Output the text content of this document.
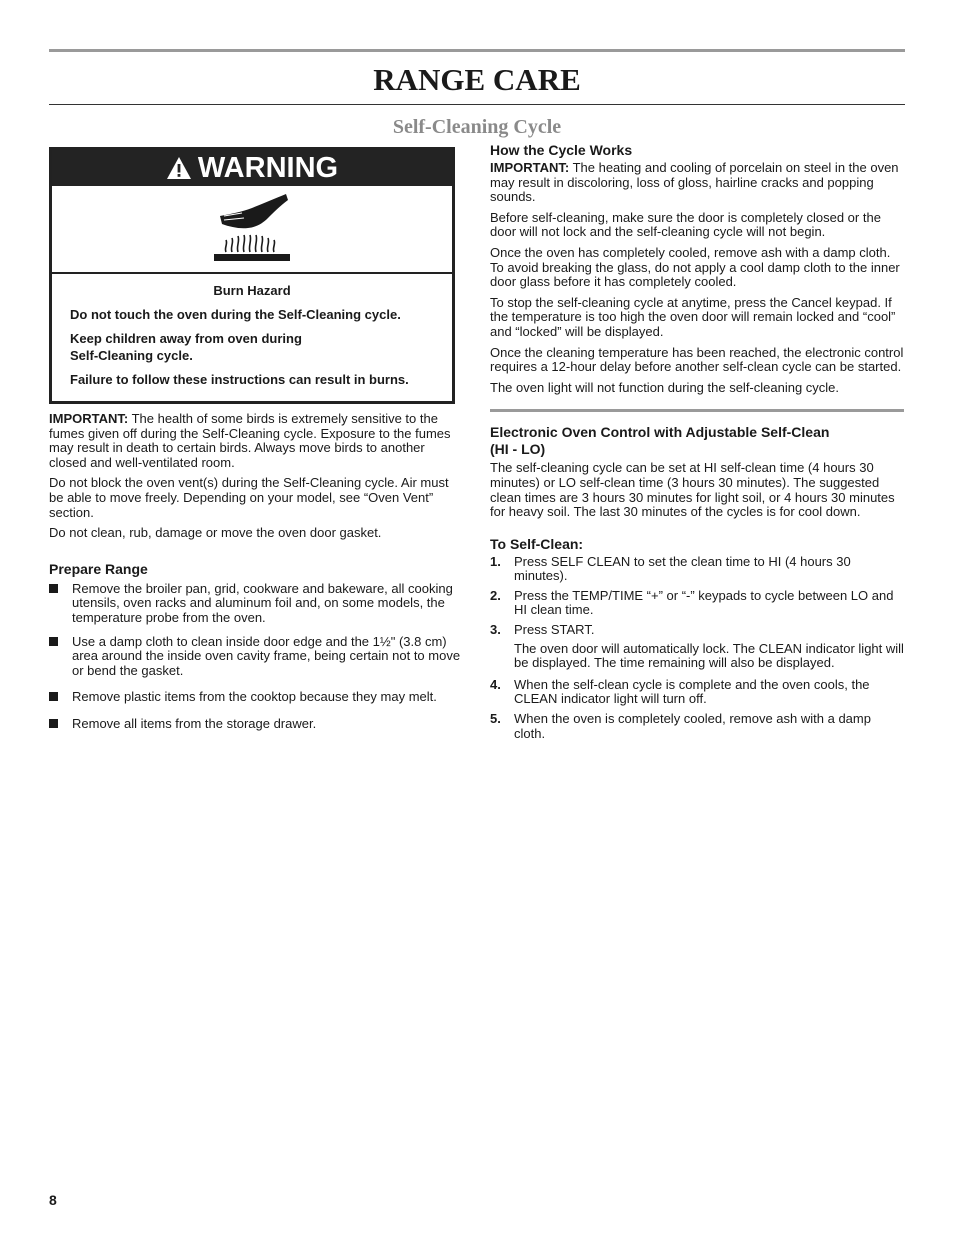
RANGE CARE
Self-Cleaning Cycle
WARNING
Burn Hazard

Do not touch the oven during the Self-Cleaning cycle.

Keep children away from oven during

Self-Cleaning cycle.

Failure to follow these instructions can result in burns.

IMPORTANT: The health of some birds is extremely sensitive to the fumes given off during the Self-Cleaning cycle. Exposure to the fumes may result in death to certain birds. Always move birds to another closed and well-ventilated room.

Do not block the oven vent(s) during the Self-Cleaning cycle. Air must be able to move freely. Depending on your model, see “Oven Vent” section.

Do not clean, rub, damage or move the oven door gasket.

Prepare Range
Remove the broiler pan, grid, cookware and bakeware, all cooking utensils, oven racks and aluminum foil and, on some models, the temperature probe from the oven.
Use a damp cloth to clean inside door edge and the 1½" (3.8 cm) area around the inside oven cavity frame, being certain not to move or bend the gasket.
Remove plastic items from the cooktop because they may melt.
Remove all items from the storage drawer.
How the Cycle Works

IMPORTANT: The heating and cooling of porcelain on steel in the oven may result in discoloring, loss of gloss, hairline cracks and popping sounds.

Before self-cleaning, make sure the door is completely closed or the door will not lock and the self-cleaning cycle will not begin.

Once the oven has completely cooled, remove ash with a damp cloth. To avoid breaking the glass, do not apply a cool damp cloth to the inner door glass before it has completely cooled.

To stop the self-cleaning cycle at anytime, press the Cancel keypad. If the temperature is too high the oven door will remain locked and “cool” and “locked” will be displayed.

Once the cleaning temperature has been reached, the electronic control requires a 12-hour delay before another self-clean cycle can be started.

The oven light will not function during the self-cleaning cycle.

Electronic Oven Control with Adjustable Self-Clean
(HI - LO)

The self-cleaning cycle can be set at HI self-clean time (4 hours 30 minutes) or LO self-clean time (3 hours 30 minutes). The suggested clean times are 3 hours 30 minutes for light soil, or 4 hours 30 minutes for heavy soil. The last 30 minutes of the cycles is for cool down.

To Self-Clean:
1. Press SELF CLEAN to set the clean time to HI (4 hours 30 minutes).
2. Press the TEMP/TIME “+” or “-” keypads to cycle between LO and HI clean time.
3. Press START.
The oven door will automatically lock. The CLEAN indicator light will be displayed. The time remaining will also be displayed.
4. When the self-clean cycle is complete and the oven cools, the CLEAN indicator light will turn off.
5. When the oven is completely cooled, remove ash with a damp cloth.
8
